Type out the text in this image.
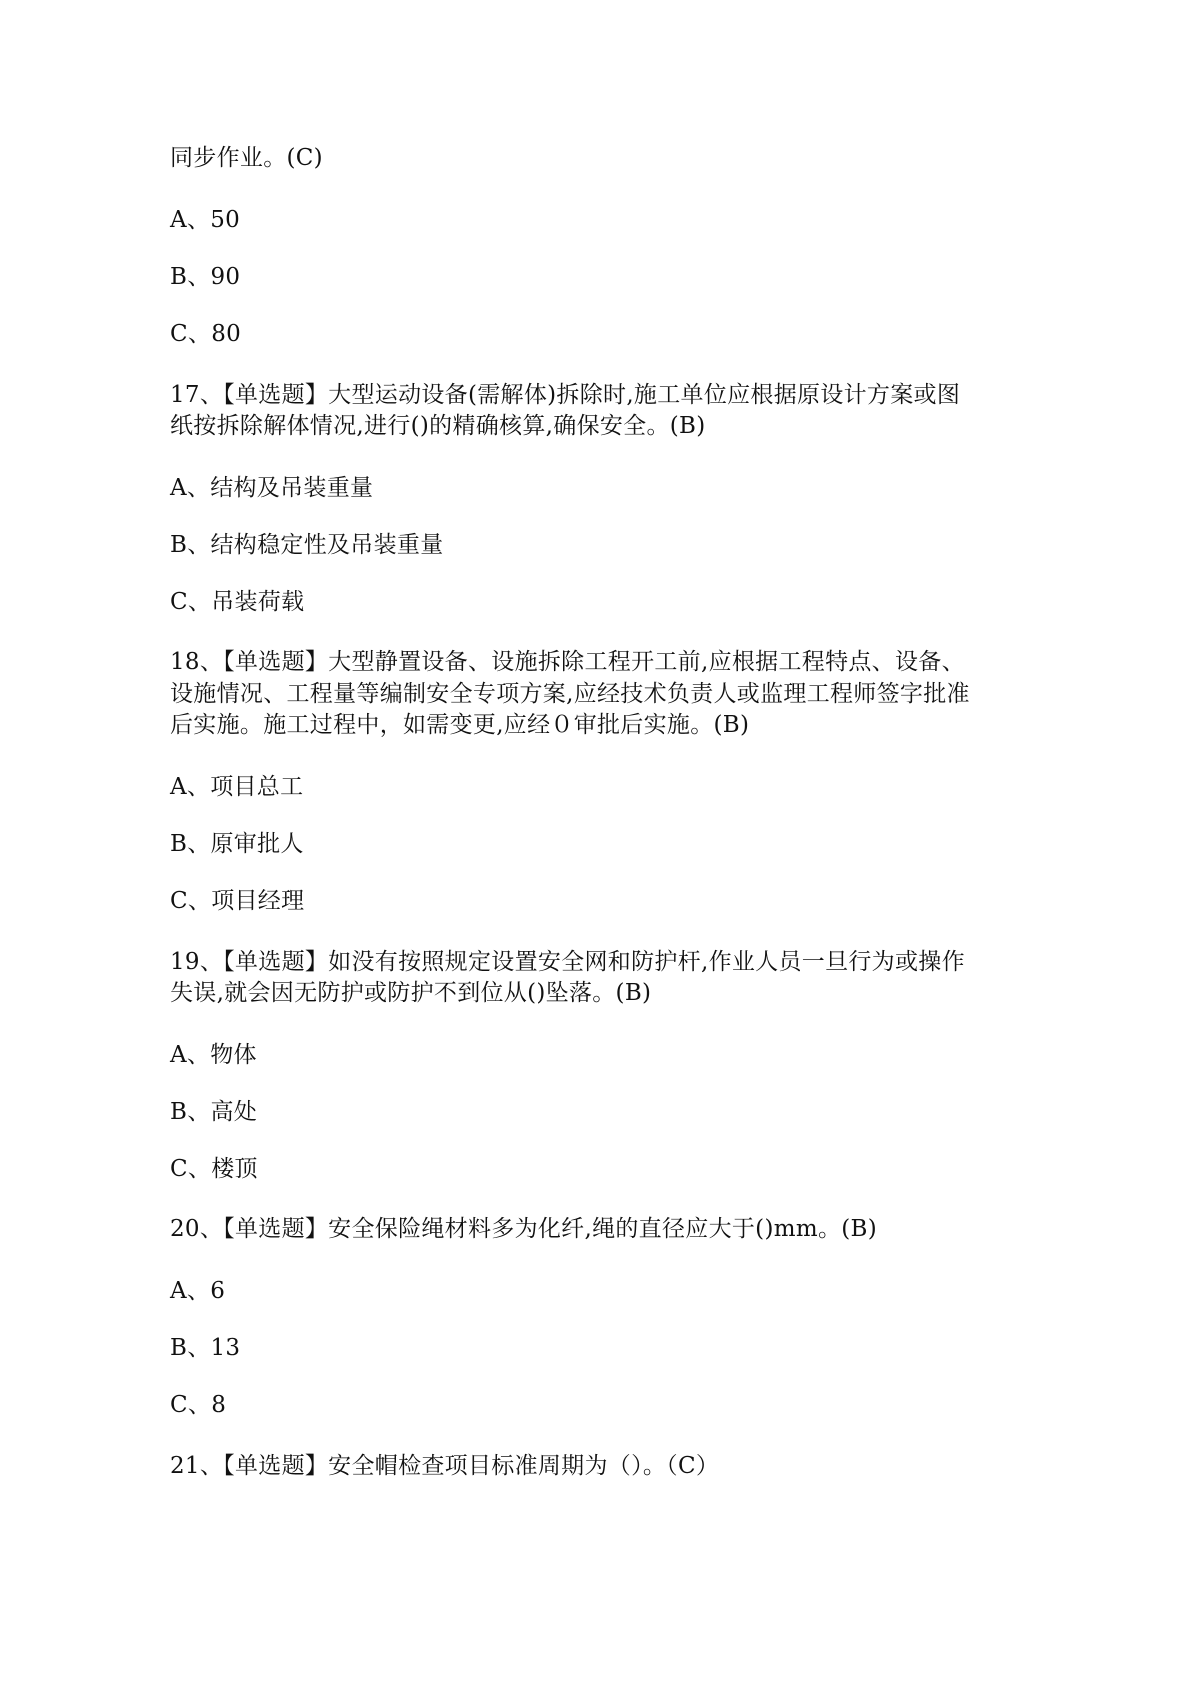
同步作业。(C)
A、50
B、90
C、80
17、【单选题】大型运动设备(需解体)拆除时,施工单位应根据原设计方案或图
纸按拆除解体情况,进行()的精确核算,确保安全。(B)
A、结构及吊装重量
B、结构稳定性及吊装重量
C、吊装荷载
18、【单选题】大型静置设备、设施拆除工程开工前,应根据工程特点、设备、
设施情况、工程量等编制安全专项方案,应经技术负责人或监理工程师签字批准
后实施。施工过程中，如需变更,应经０审批后实施。(B)
A、项目总工
B、原审批人
C、项目经理
19、【单选题】如没有按照规定设置安全网和防护杆,作业人员一旦行为或操作
失误,就会因无防护或防护不到位从()坠落。(B)
A、物体
B、高处
C、楼顶
20、【单选题】安全保险绳材料多为化纤,绳的直径应大于()mm。(B)
A、6
B、13
C、8
21、【单选题】安全帽检查项目标准周期为（）。（C）
